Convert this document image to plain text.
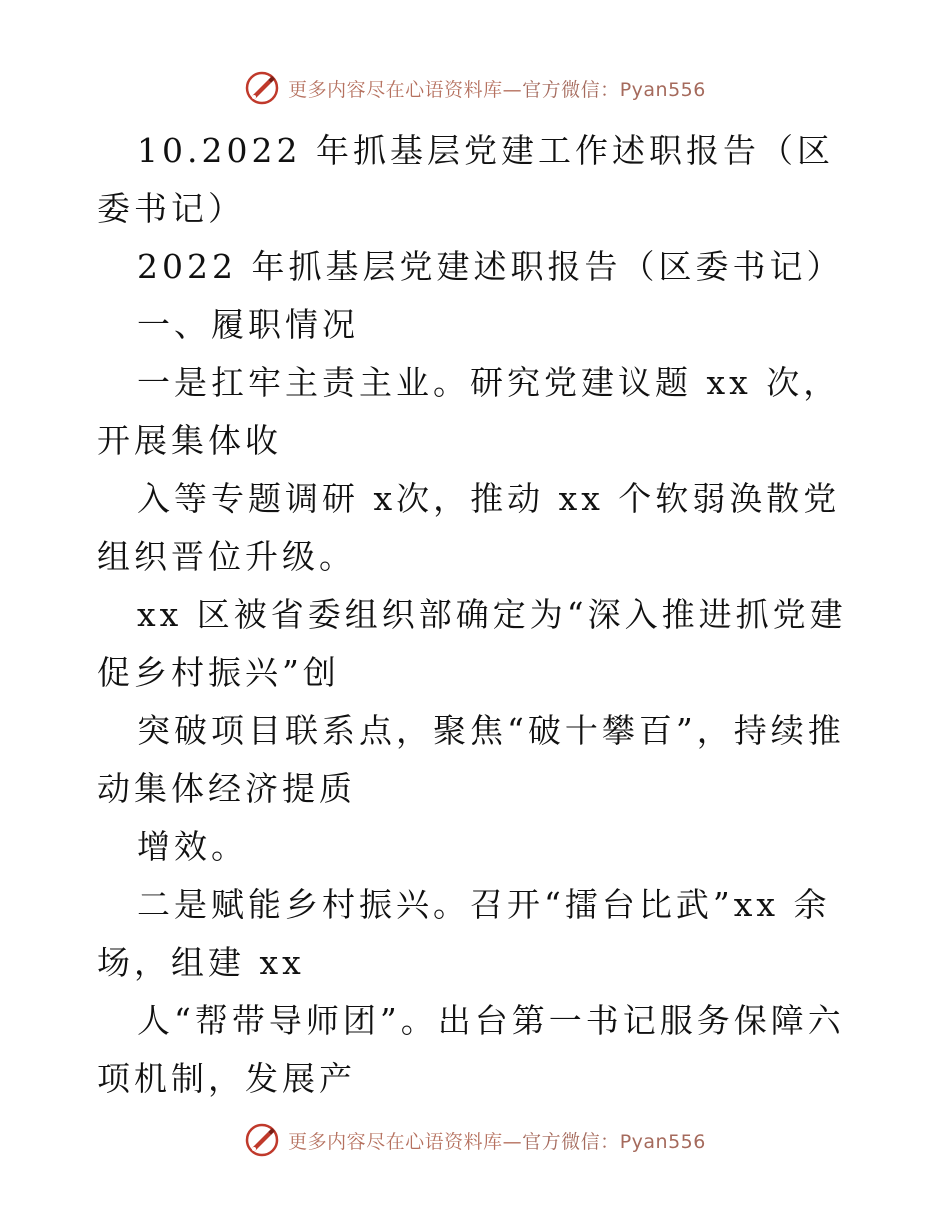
更多内容尽在心语资料库—官方微信：Pyan556

10.2022 年抓基层党建工作述职报告（区委书记）

2022 年抓基层党建述职报告（区委书记）

一、履职情况

一是扛牢主责主业。研究党建议题 xx 次，开展集体收

入等专题调研 x次，推动 xx 个软弱涣散党组织晋位升级。

xx 区被省委组织部确定为“深入推进抓党建促乡村振兴”创

突破项目联系点，聚焦“破十攀百”，持续推动集体经济提质

增效。

二是赋能乡村振兴。召开“擂台比武”xx 余场，组建 xx

人“帮带导师团”。出台第一书记服务保障六项机制，发展产

更多内容尽在心语资料库—官方微信：Pyan556
